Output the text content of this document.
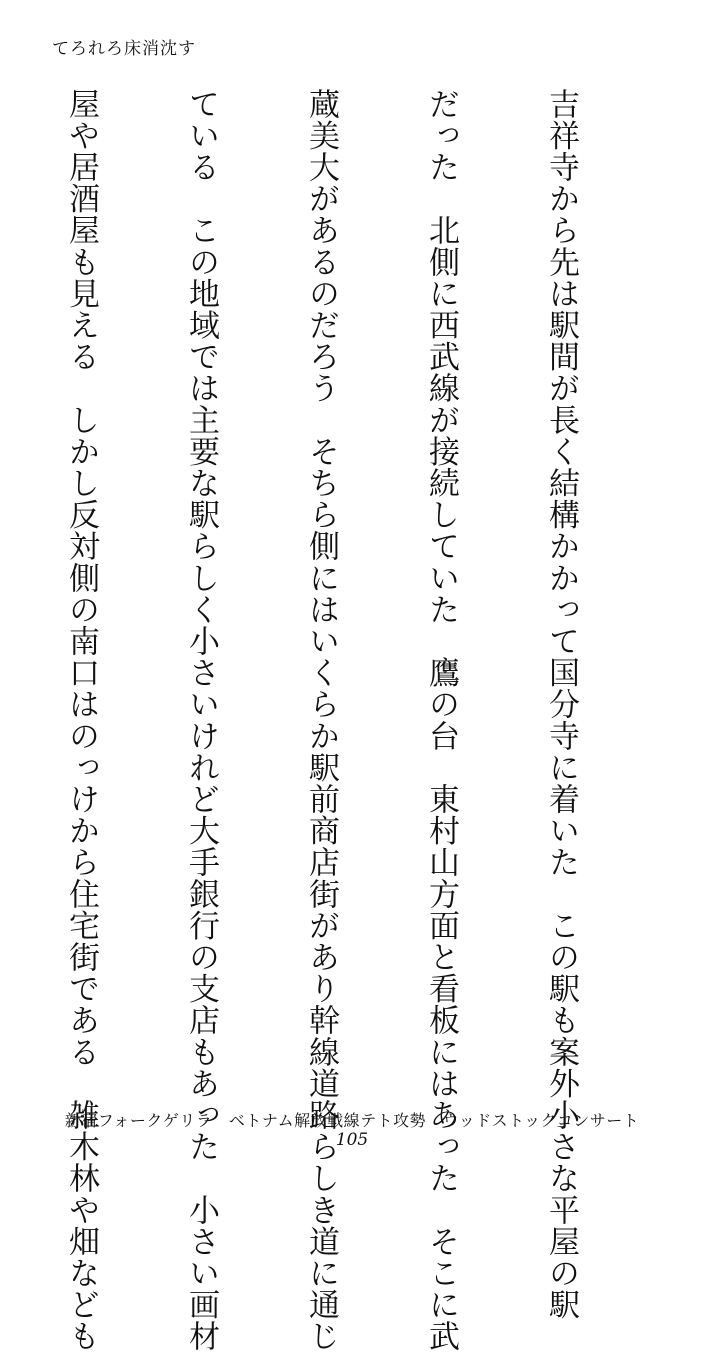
てろれろ床消沈す

吉祥寺から先は駅間が長く結構かかって国分寺に着いた　この駅も案外小さな平屋の駅

だった　北側に西武線が接続していた　鷹の台　東村山方面と看板にはあった　そこに武

蔵美大があるのだろう　そちら側にはいくらか駅前商店街があり幹線道路らしき道に通じ

ている　この地域では主要な駅らしく小さいけれど大手銀行の支店もあった　小さい画材

屋や居酒屋も見える　しかし反対側の南口はのっけから住宅街である　雑木林や畑なども

新宿フォークゲリラ　ベトナム解放戦線テト攻勢　ウッドストックコンサート
105
